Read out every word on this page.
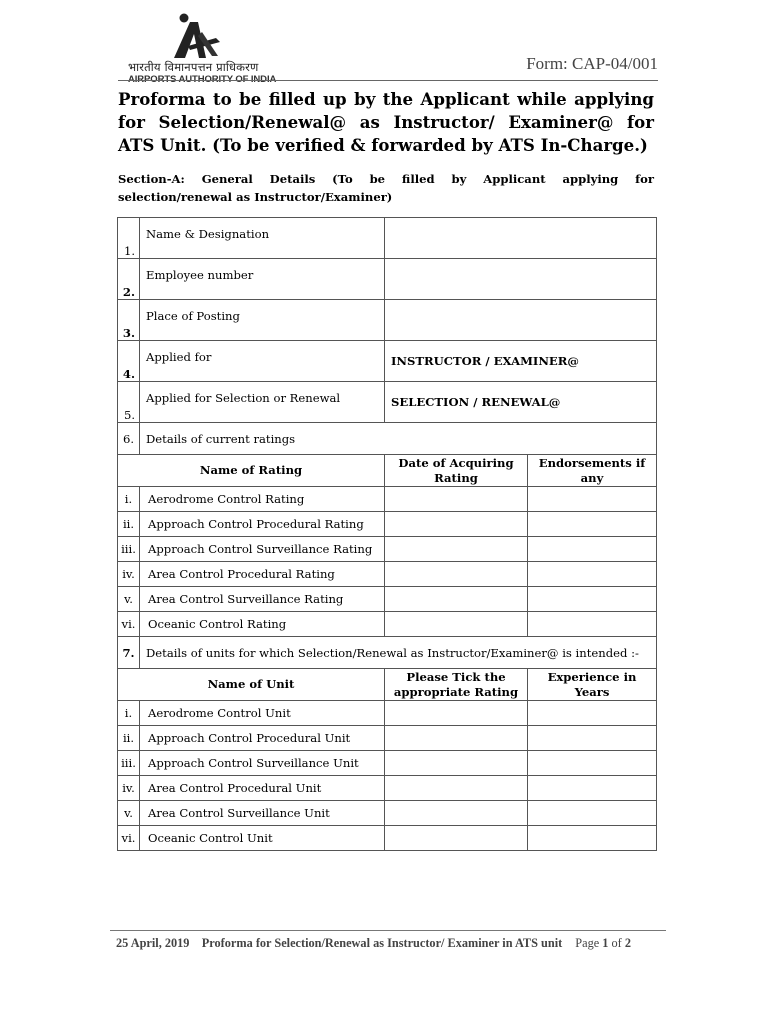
भारतीय विमानपत्तन प्राधिकरण
AIRPORTS AUTHORITY OF INDIA
Form: CAP-04/001
Proforma to be filled up by the Applicant while applying for Selection/Renewal@ as Instructor/ Examiner@ for ATS Unit. (To be verified & forwarded by ATS In-Charge.)
Section-A: General Details (To be filled by Applicant applying for selection/renewal as Instructor/Examiner)
1.	Name & Designation		
2.	Employee number		
3.	Place of Posting		
4.	Applied for	INSTRUCTOR / EXAMINER@	
5.	Applied for Selection or Renewal	SELECTION / RENEWAL@	
6.	Details of current ratings		
Name of Rating		Date of Acquiring Rating	Endorsements if any
i.	Aerodrome Control Rating		
ii.	Approach Control Procedural Rating		
iii.	Approach Control Surveillance Rating		
iv.	Area Control Procedural Rating		
v.	Area Control Surveillance Rating		
vi.	Oceanic Control Rating		
7.	Details of units for which Selection/Renewal as Instructor/Examiner@ is intended :-		
Name of Unit		Please Tick the appropriate Rating	Experience in Years
i.	Aerodrome Control Unit		
ii.	Approach Control Procedural Unit		
iii.	Approach Control Surveillance Unit		
iv.	Area Control Procedural Unit		
v.	Area Control Surveillance Unit		
vi.	Oceanic Control Unit		
25 April, 2019 Proforma for Selection/Renewal as Instructor/ Examiner in ATS unit Page 1 of 2
